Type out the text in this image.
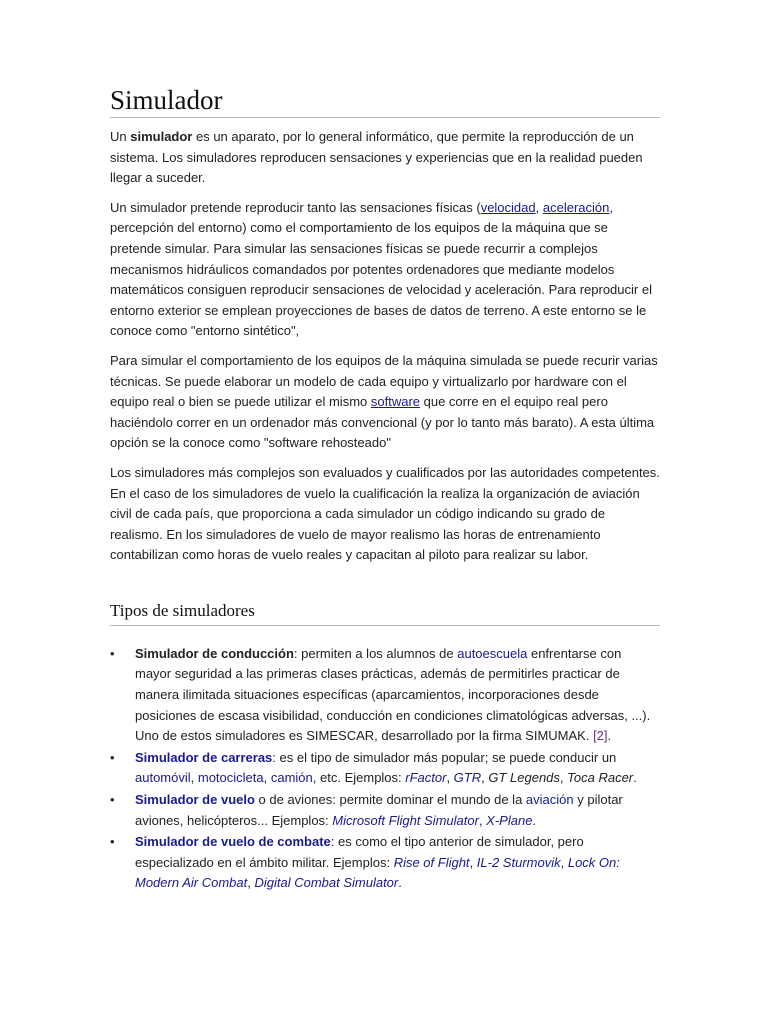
Simulador

Un simulador es un aparato, por lo general informático, que permite la reproducción de un sistema. Los simuladores reproducen sensaciones y experiencias que en la realidad pueden llegar a suceder.

Un simulador pretende reproducir tanto las sensaciones físicas (velocidad, aceleración, percepción del entorno) como el comportamiento de los equipos de la máquina que se pretende simular. Para simular las sensaciones físicas se puede recurrir a complejos mecanismos hidráulicos comandados por potentes ordenadores que mediante modelos matemáticos consiguen reproducir sensaciones de velocidad y aceleración. Para reproducir el entorno exterior se emplean proyecciones de bases de datos de terreno. A este entorno se le conoce como "entorno sintético",

Para simular el comportamiento de los equipos de la máquina simulada se puede recurir varias técnicas. Se puede elaborar un modelo de cada equipo y virtualizarlo por hardware con el equipo real o bien se puede utilizar el mismo software que corre en el equipo real pero haciéndolo correr en un ordenador más convencional (y por lo tanto más barato). A esta última opción se la conoce como "software rehosteado"

Los simuladores más complejos son evaluados y cualificados por las autoridades competentes. En el caso de los simuladores de vuelo la cualificación la realiza la organización de aviación civil de cada país, que proporciona a cada simulador un código indicando su grado de realismo. En los simuladores de vuelo de mayor realismo las horas de entrenamiento contabilizan como horas de vuelo reales y capacitan al piloto para realizar su labor.

Tipos de simuladores
• Simulador de conducción: permiten a los alumnos de autoescuela enfrentarse con mayor seguridad a las primeras clases prácticas, además de permitirles practicar de manera ilimitada situaciones específicas (aparcamientos, incorporaciones desde posiciones de escasa visibilidad, conducción en condiciones climatológicas adversas, ...). Uno de estos simuladores es SIMESCAR, desarrollado por la firma SIMUMAK. [2].
• Simulador de carreras: es el tipo de simulador más popular; se puede conducir un automóvil, motocicleta, camión, etc. Ejemplos: rFactor, GTR, GT Legends, Toca Racer.
• Simulador de vuelo o de aviones: permite dominar el mundo de la aviación y pilotar aviones, helicópteros... Ejemplos: Microsoft Flight Simulator, X-Plane.
• Simulador de vuelo de combate: es como el tipo anterior de simulador, pero especializado en el ámbito militar. Ejemplos: Rise of Flight, IL-2 Sturmovik, Lock On: Modern Air Combat, Digital Combat Simulator.
